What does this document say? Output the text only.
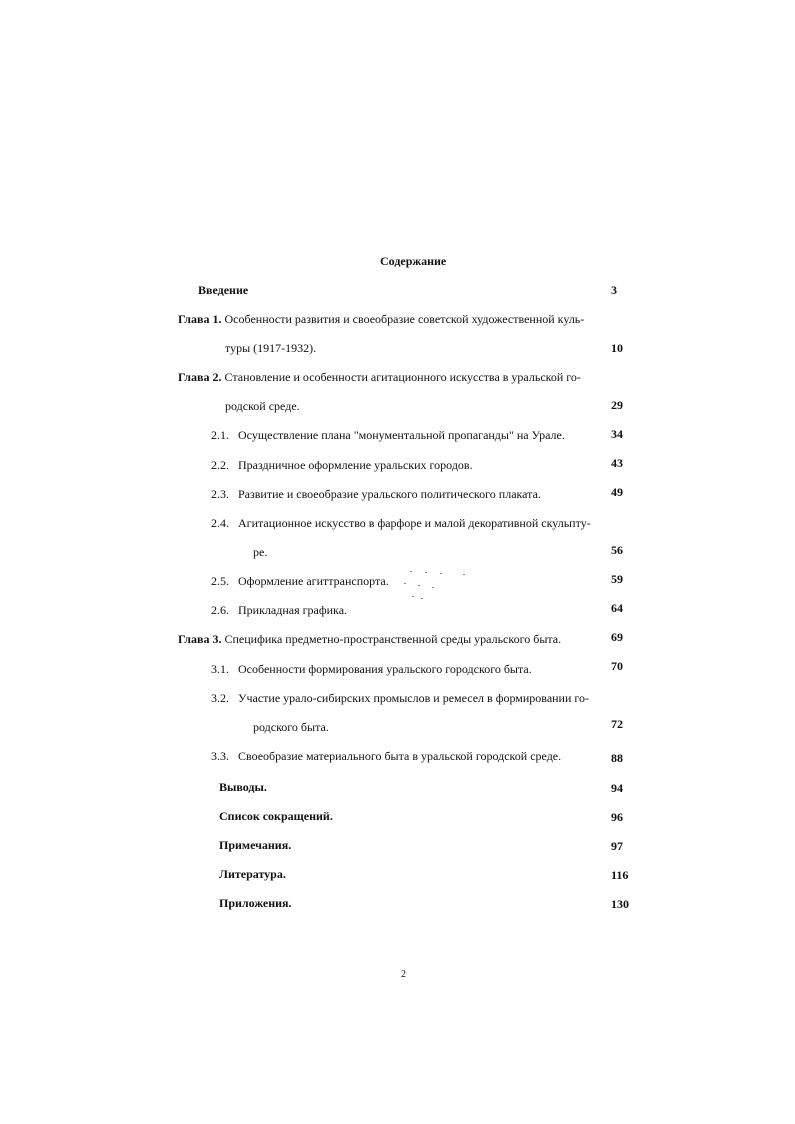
Содержание
Введение	3
Глава 1. Особенности развития и своеобразие советской художественной куль-
туры (1917-1932).	10
Глава 2. Становление и особенности агитационного искусства в уральской го-
родской среде.	29
2.1. Осуществление плана "монументальной пропаганды" на Урале.	34
2.2. Праздничное оформление уральских городов.	43
2.3. Развитие и своеобразие уральского политического плаката.	49
2.4. Агитационное искусство в фарфоре и малой декоративной скульпту-
ре.	56
2.5. Оформление агиттранспорта.	59
2.6. Прикладная графика.	64
Глава 3. Специфика предметно-пространственной среды уральского быта.	69
3.1. Особенности формирования уральского городского быта.	70
3.2. Участие урало-сибирских промыслов и ремесел в формировании го-
родского быта.	72
3.3. Своеобразие материального быта в уральской городской среде.	88
Выводы.	94
Список сокращений.	96
Примечания.	97
Литература.	116
Приложения.	130
2
